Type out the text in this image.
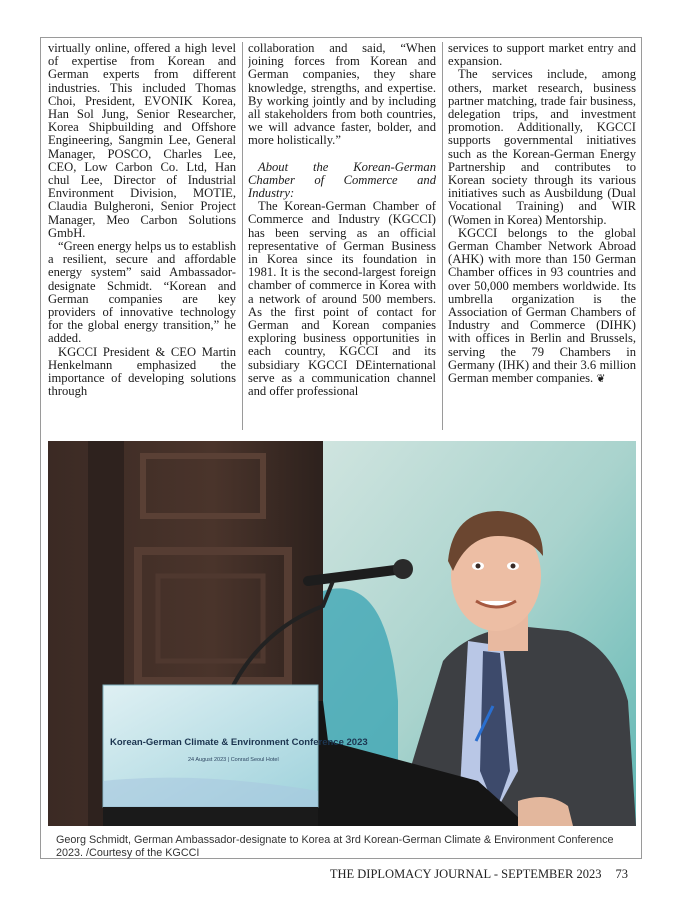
virtually online, offered a high level of expertise from Korean and German experts from different industries. This included Thomas Choi, President, EVONIK Korea, Han Sol Jung, Senior Researcher, Korea Shipbuilding and Offshore Engineering, Sangmin Lee, General Manager, POSCO, Charles Lee, CEO, Low Carbon Co. Ltd, Han chul Lee, Director of Industrial Environment Division, MOTIE, Claudia Bulgheroni, Senior Project Manager, Meo Carbon Solutions GmbH.

“Green energy helps us to establish a resilient, secure and affordable energy system” said Ambassador-designate Schmidt. “Korean and German companies are key providers of innovative technology for the global energy transition,” he added.

KGCCI President & CEO Martin Henkelmann emphasized the importance of developing solutions through

collaboration and said, “When joining forces from Korean and German companies, they share knowledge, strengths, and expertise. By working jointly and by including all stakeholders from both countries, we will advance faster, bolder, and more holistically.”

About the Korean-German Chamber of Commerce and Industry:

The Korean-German Chamber of Commerce and Industry (KGCCI) has been serving as an official representative of German Business in Korea since its foundation in 1981. It is the second-largest foreign chamber of commerce in Korea with a network of around 500 members. As the first point of contact for German and Korean companies exploring business opportunities in each country, KGCCI and its subsidiary KGCCI DEinternational serve as a communication channel and offer professional

services to support market entry and expansion.

The services include, among others, market research, business partner matching, trade fair business, delegation trips, and investment promotion. Additionally, KGCCI supports governmental initiatives such as the Korean-German Energy Partnership and contributes to Korean society through its various initiatives such as Ausbildung (Dual Vocational Training) and WIR (Women in Korea) Mentorship.

KGCCI belongs to the global German Chamber Network Abroad (AHK) with more than 150 German Chamber offices in 93 countries and over 50,000 members worldwide. Its umbrella organization is the Association of German Chambers of Industry and Commerce (DIHK) with offices in Berlin and Brussels, serving the 79 Chambers in Germany (IHK) and their 3.6 million German member companies. ❦

Korean-German Climate & Environment Conference 2023
24 August 2023 | Conrad Seoul Hotel
Georg Schmidt, German Ambassador-designate to Korea at 3rd Korean-German Climate & Environment Conference 2023. /Courtesy of the KGCCI
THE DIPLOMACY JOURNAL - SEPTEMBER 2023 73
